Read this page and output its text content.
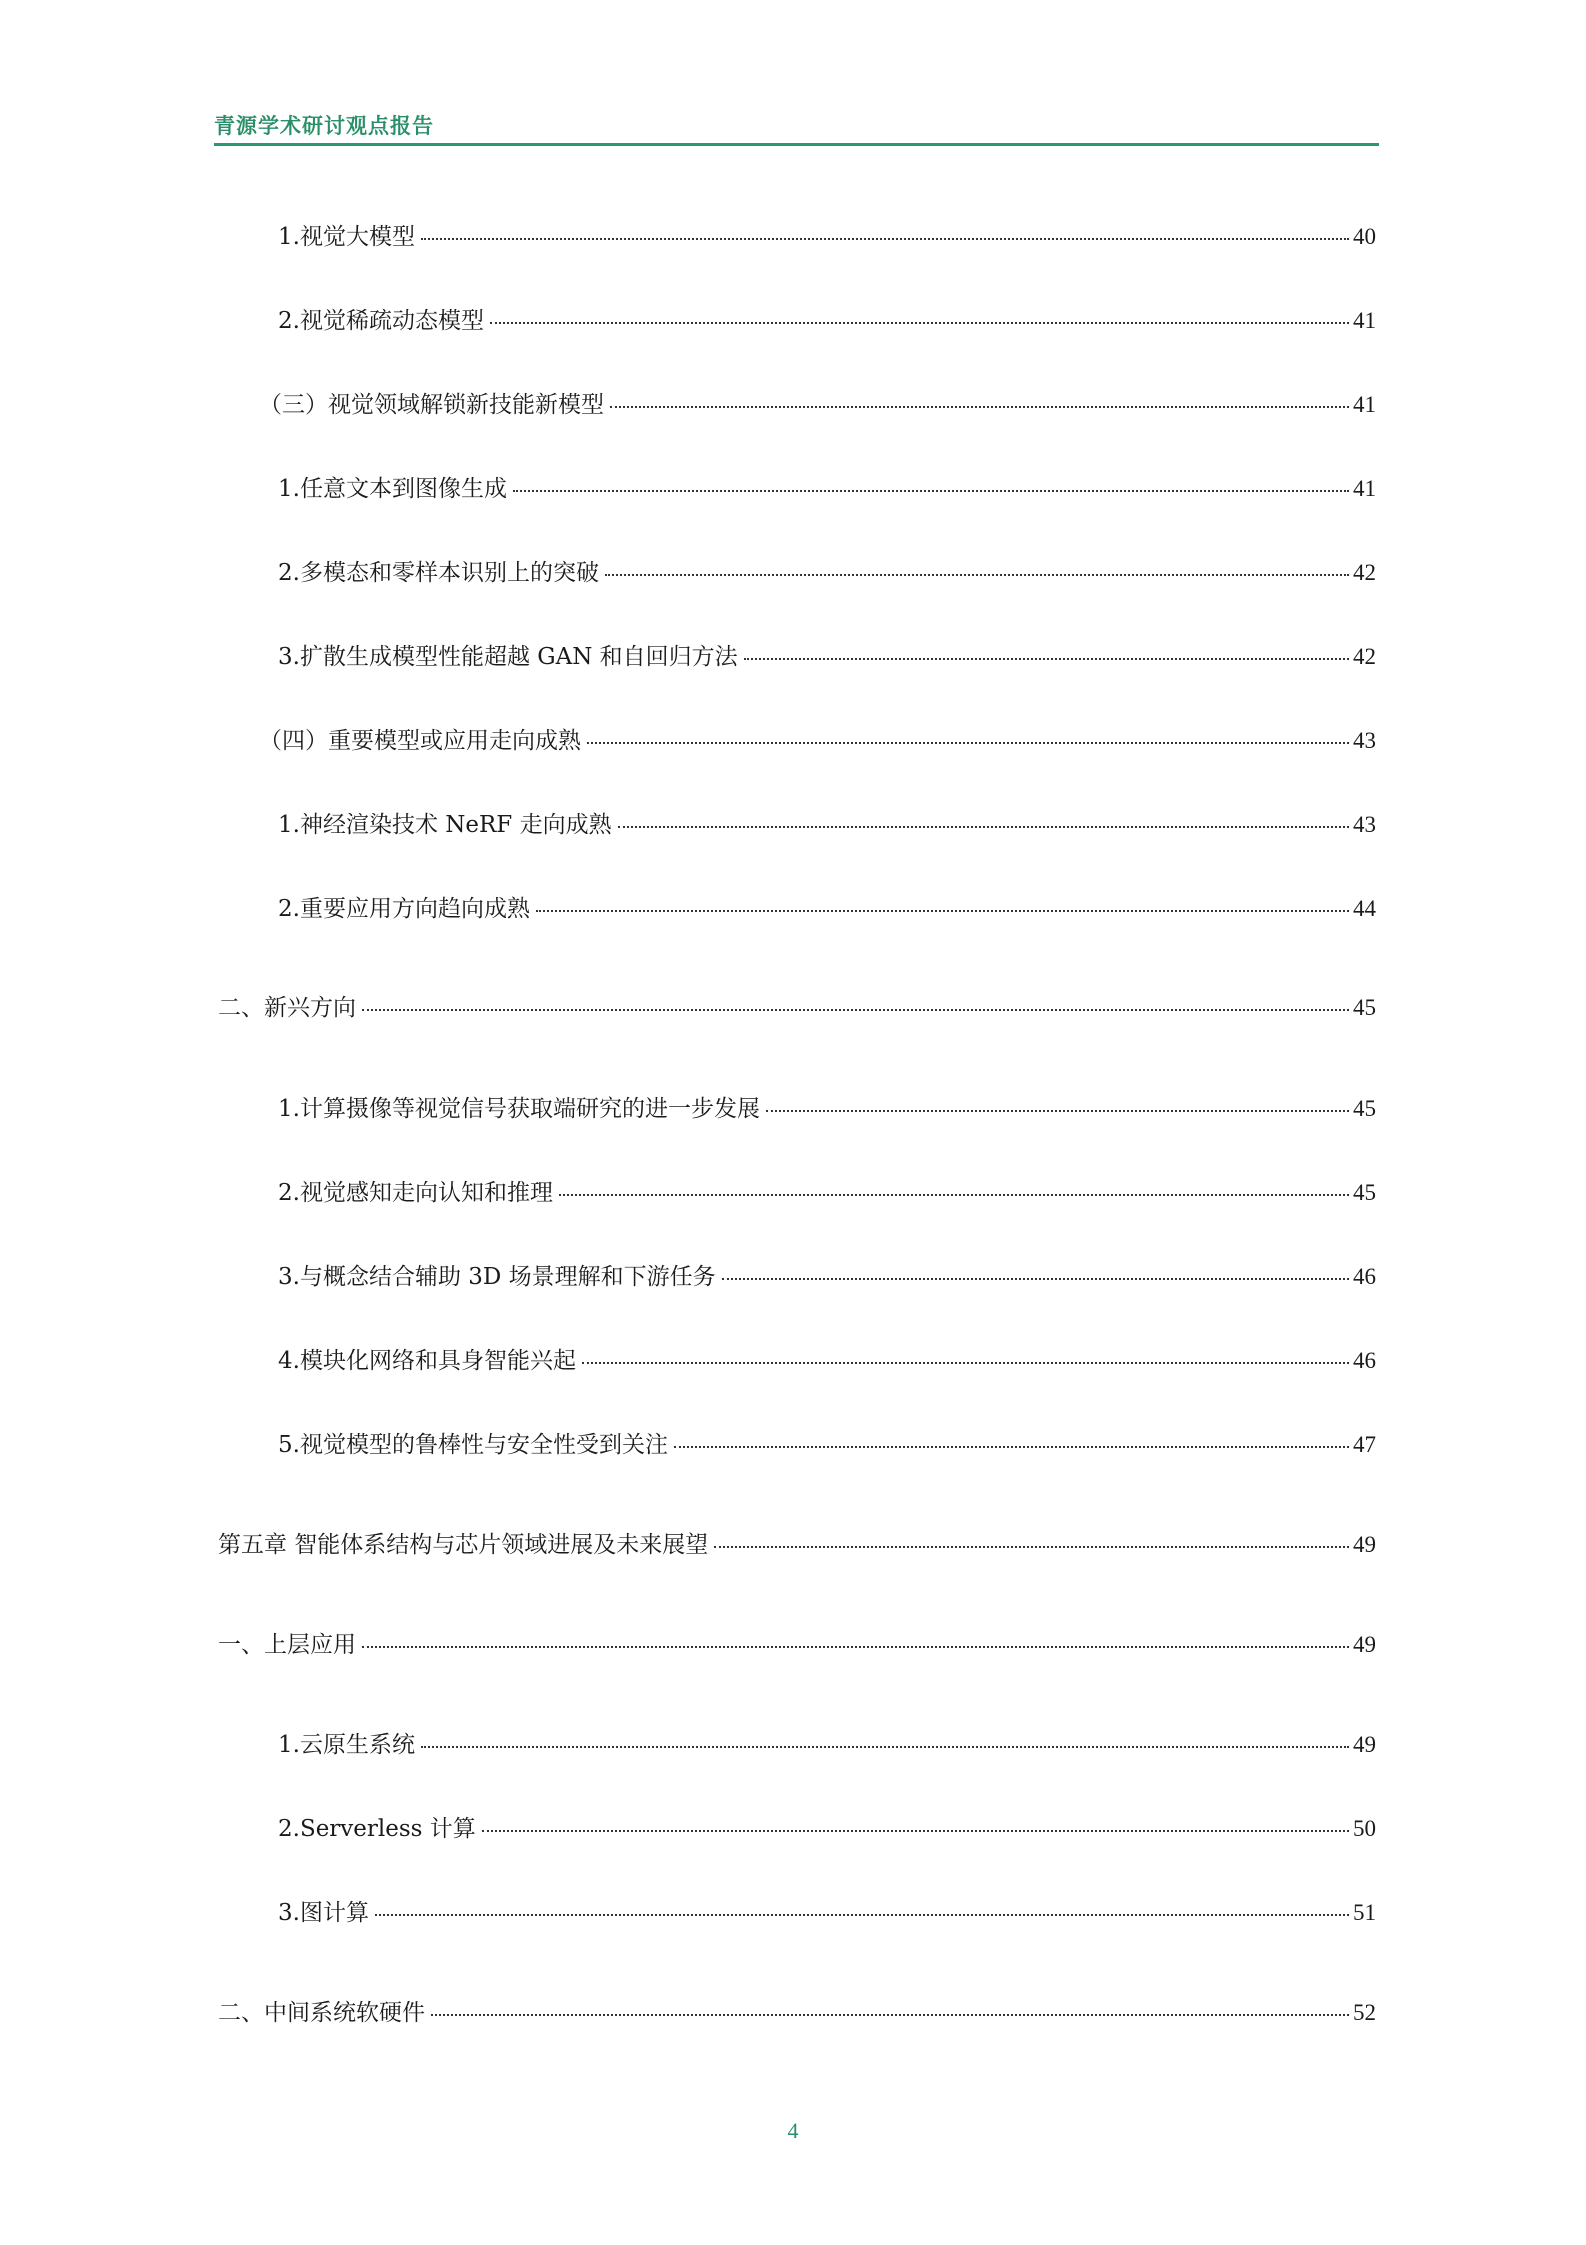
青源学术研讨观点报告
1.视觉大模型	40
2.视觉稀疏动态模型	41
（三）视觉领域解锁新技能新模型	41
1.任意文本到图像生成	41
2.多模态和零样本识别上的突破	42
3.扩散生成模型性能超越 GAN 和自回归方法	42
（四）重要模型或应用走向成熟	43
1.神经渲染技术 NeRF 走向成熟	43
2.重要应用方向趋向成熟	44
二、新兴方向	45
1.计算摄像等视觉信号获取端研究的进一步发展	45
2.视觉感知走向认知和推理	45
3.与概念结合辅助 3D 场景理解和下游任务	46
4.模块化网络和具身智能兴起	46
5.视觉模型的鲁棒性与安全性受到关注	47
第五章 智能体系结构与芯片领域进展及未来展望	49
一、上层应用	49
1.云原生系统	49
2.Serverless 计算	50
3.图计算	51
二、中间系统软硬件	52
4
